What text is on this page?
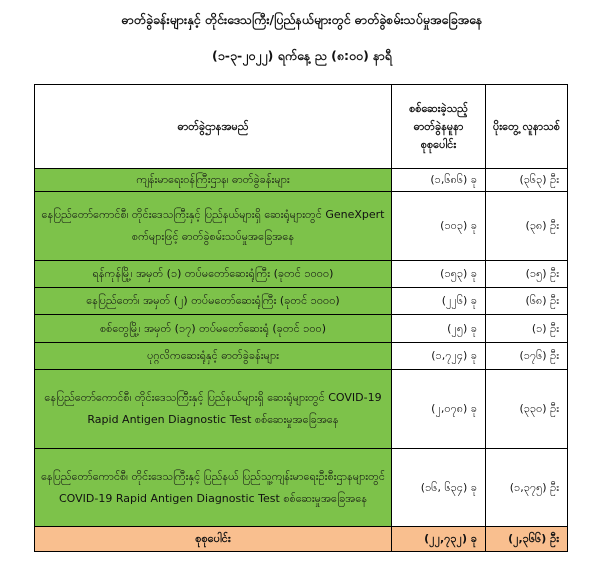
ဓာတ်ခွဲခန်းများနှင့် တိုင်းဒေသကြီး/ပြည်နယ်များတွင် ဓာတ်ခွဲစမ်းသပ်မှုအခြေအနေ
(၁-၃-၂၀၂၂) ရက်နေ့ ည (၈:၀၀) နာရီ
ဓာတ်ခွဲဌာနအမည်	စစ်ဆေးခဲ့သည့် ဓာတ်ခွဲနမူနာ စုစုပေါင်း	ပိုးတွေ့ လူနာသစ်
ကျန်းမာရေးဝန်ကြီးဌာန၊ ဓာတ်ခွဲခန်းများ	(၁,၆၈၆) ခု	(၃၆၃) ဦး
နေပြည်တော်ကောင်စီ၊ တိုင်းဒေသကြီးနှင့် ပြည်နယ်များရှိ ဆေးရုံများတွင် GeneXpert စက်များဖြင့် ဓာတ်ခွဲစမ်းသပ်မှုအခြေအနေ	(၁၀၃) ခု	(၃၈) ဦး
ရန်ကုန်မြို့၊ အမှတ် (၁) တပ်မတော်ဆေးရုံကြီး (ခုတင် ၁၀၀၀)	(၁၅၃) ခု	(၁၅) ဦး
နေပြည်တော်၊ အမှတ် (၂) တပ်မတော်ဆေးရုံကြီး (ခုတင် ၁၀၀၀)	(၂၂၆) ခု	(၆၈) ဦး
စစ်တွေမြို့၊ အမှတ် (၁၇) တပ်မတော်ဆေးရုံ (ခုတင် ၁၀၀)	(၂၅) ခု	(၁) ဦး
ပုဂ္ဂလိကဆေးရုံနှင့် ဓာတ်ခွဲခန်းများ	(၁,၇၂၄) ခု	(၁၇၆) ဦး
နေပြည်တော်ကောင်စီ၊ တိုင်းဒေသကြီးနှင့် ပြည်နယ်များရှိ ဆေးရုံများတွင် COVID-19 Rapid Antigen Diagnostic Test စစ်ဆေးမှုအခြေအနေ	(၂,၀၇၈) ခု	(၃၃၀) ဦး
နေပြည်တော်ကောင်စီ၊ တိုင်းဒေသကြီးနှင့် ပြည်နယ် ပြည်သူ့ကျန်းမာရေးဦးစီးဌာနများတွင် COVID-19 Rapid Antigen Diagnostic Test စစ်ဆေးမှုအခြေအနေ	(၁၆, ၆၃၄) ခု	(၁,၃၇၅) ဦး
စုစုပေါင်း	(၂၂,၇၃၂) ခု	(၂,၃၆၆) ဦး
